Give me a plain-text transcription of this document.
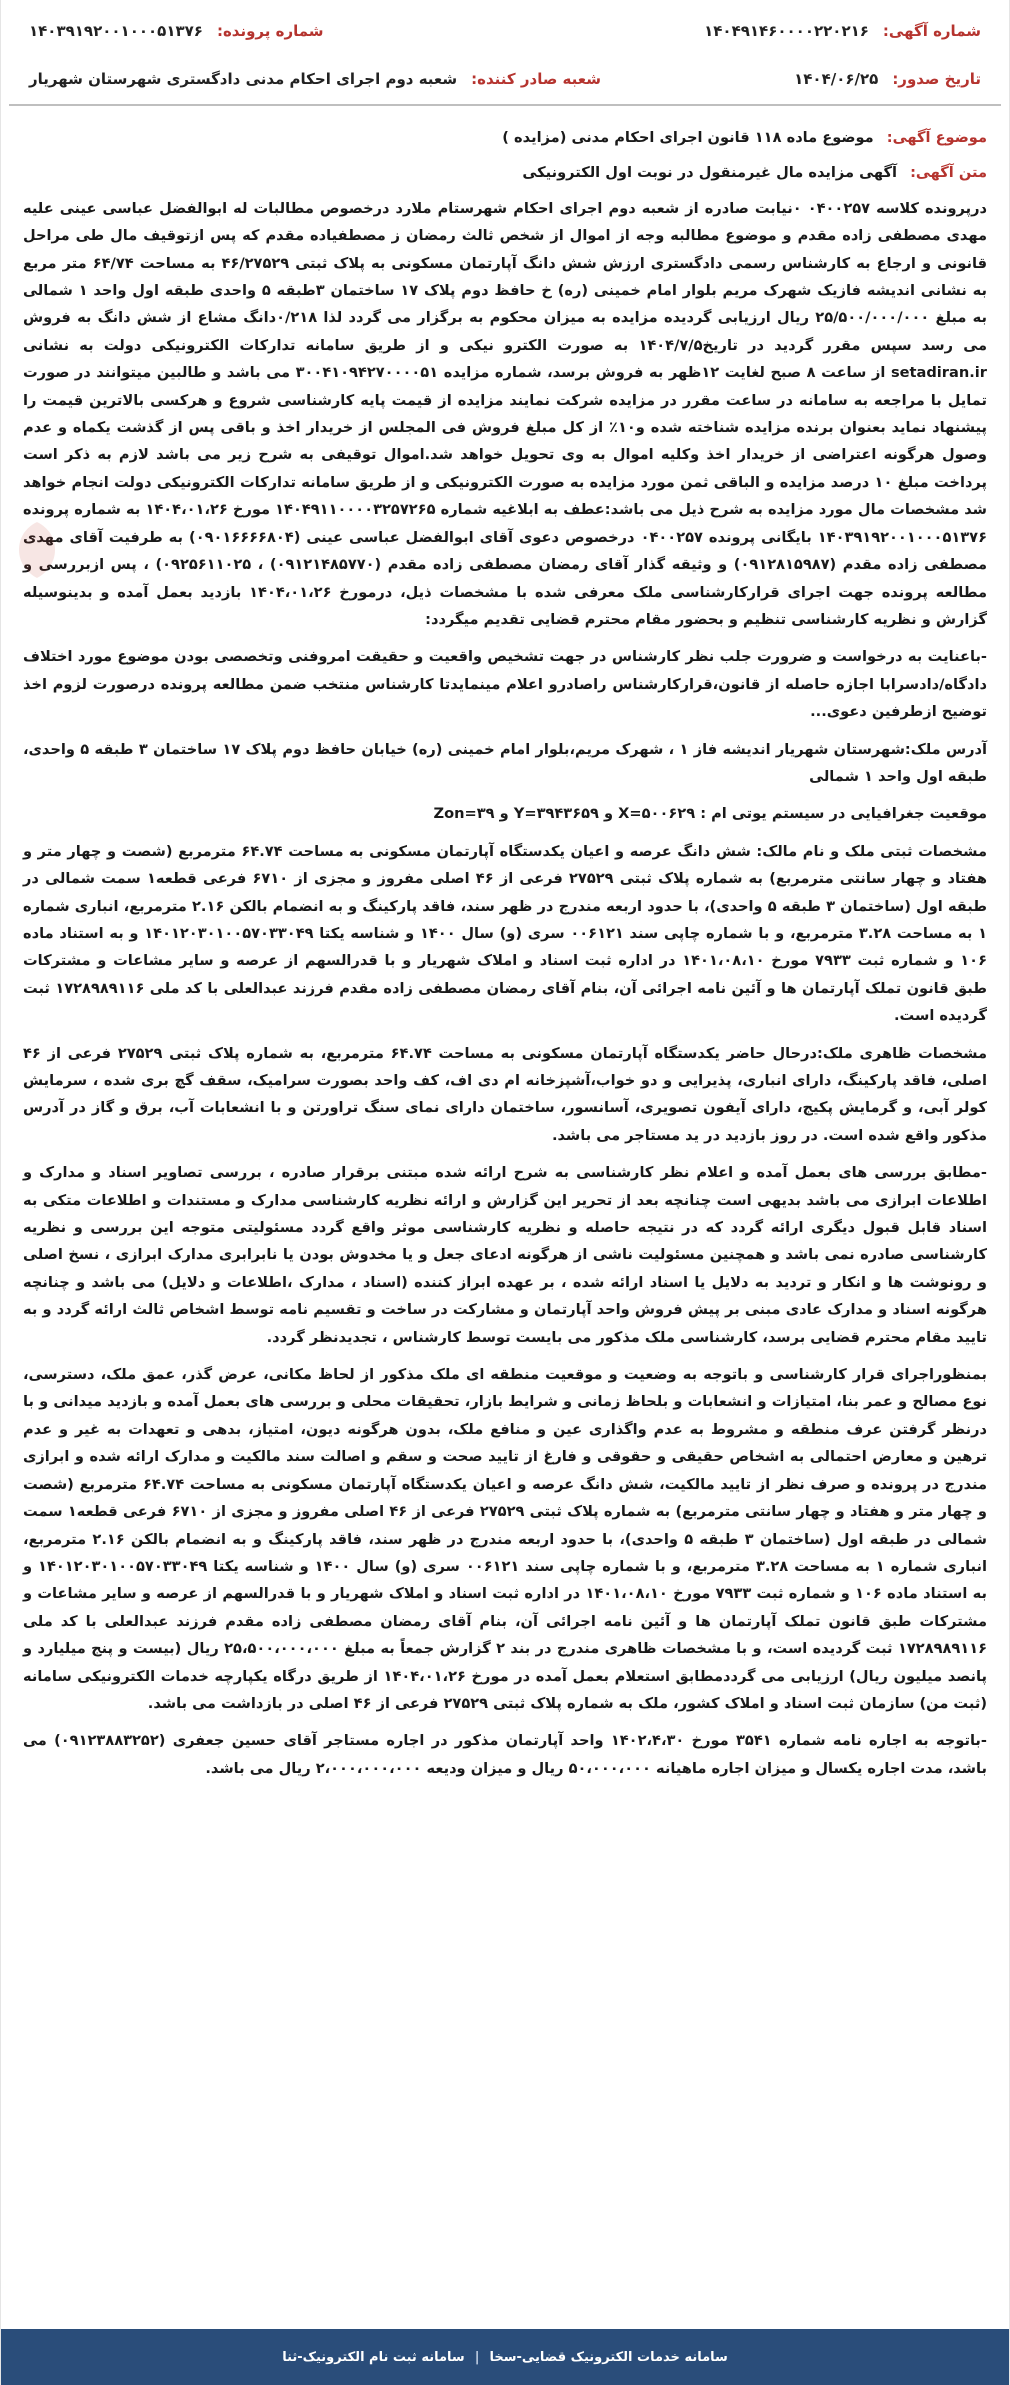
شماره آگهی:
۱۴۰۴۹۱۴۶۰۰۰۰۲۲۰۲۱۶
شماره پرونده:
۱۴۰۳۹۱۹۲۰۰۱۰۰۰۵۱۳۷۶
تاریخ صدور:
۱۴۰۴/۰۶/۲۵
شعبه صادر کننده:
شعبه دوم اجرای احکام مدنی دادگستری شهرستان شهریار
موضوع آگهی: موضوع ماده ۱۱۸ قانون اجرای احکام مدنی (مزایده )
متن آگهی: آگهی مزایده مال غیرمنقول در نوبت اول الکترونیکی

درپرونده کلاسه ۰۴۰۰۲۵۷ ۰نیابت صادره از شعبه دوم اجرای احکام شهرستام ملارد درخصوص مطالبات له ابوالفضل عباسی عینی علیه مهدی مصطفی زاده مقدم و موضوع مطالبه وجه از اموال از شخص ثالث رمضان ز مصطفیاده مقدم که پس ازتوقیف مال طی مراحل قانونی و ارجاع به کارشناس رسمی دادگستری ارزش شش دانگ آپارتمان مسکونی به پلاک ثبتی ۴۶/۲۷۵۲۹ به مساحت ۶۴/۷۴ متر مربع به نشانی اندیشه فازیک شهرک مریم بلوار امام خمینی (ره) خ حافظ دوم پلاک ۱۷ ساختمان ۳طبقه ۵ واحدی طبقه اول واحد ۱ شمالی به مبلغ ۲۵/۵۰۰/۰۰۰/۰۰۰ ریال ارزیابی گردیده مزایده به میزان محکوم به برگزار می گردد لذا ۰/۲۱۸دانگ مشاع از شش دانگ به فروش می رسد سپس مقرر گردید در تاریخ۱۴۰۴/۷/۵ به صورت الکترو نیکی و از طریق سامانه تدارکات الکترونیکی دولت به نشانی setadiran.ir از ساعت ۸ صبح لغایت ۱۲ظهر به فروش برسد، شماره مزایده ۳۰۰۴۱۰۹۴۲۷۰۰۰۰۵۱ می باشد و طالبین میتوانند در صورت تمایل با مراجعه به سامانه در ساعت مقرر در مزایده شرکت نمایند مزایده از قیمت پایه کارشناسی شروع و هرکسی بالاترین قیمت را پیشنهاد نماید بعنوان برنده مزایده شناخته شده و۱۰٪ از کل مبلغ فروش فی المجلس از خریدار اخذ و باقی پس از گذشت یکماه و عدم وصول هرگونه اعتراضی از خریدار اخذ وکلیه اموال به وی تحویل خواهد شد.اموال توقیفی به شرح زیر می باشد لازم به ذکر است پرداخت مبلغ ۱۰ درصد مزایده و الباقی ثمن مورد مزایده به صورت الکترونیکی و از طریق سامانه تدارکات الکترونیکی دولت انجام خواهد شد مشخصات مال مورد مزایده به شرح ذیل می باشد:عطف به ابلاغیه شماره ۱۴۰۴۹۱۱۰۰۰۰۳۲۵۷۲۶۵ مورخ ۱۴۰۴،۰۱،۲۶ به شماره پرونده ۱۴۰۳۹۱۹۲۰۰۱۰۰۰۵۱۳۷۶ بایگانی پرونده ۰۴۰۰۲۵۷ درخصوص دعوی آقای ابوالفضل عباسی عینی (۰۹۰۱۶۶۶۶۸۰۴) به طرفیت آقای مهدی مصطفی زاده مقدم (۰۹۱۲۸۱۵۹۸۷) و وثیقه گذار آقای رمضان مصطفی زاده مقدم (۰۹۱۲۱۴۸۵۷۷۰) ، ۰۹۲۵۶۱۱۰۲۵) ، پس ازبررسی و مطالعه پرونده جهت اجرای قرارکارشناسی ملک معرفی شده با مشخصات ذیل، درمورخ ۱۴۰۴،۰۱،۲۶ بازدید بعمل آمده و بدینوسیله گزارش و نظریه کارشناسی تنظیم و بحضور مقام محترم قضایی تقدیم میگردد:

-باعنایت به درخواست و ضرورت جلب نظر کارشناس در جهت تشخیص واقعیت و حقیقت امروفنی وتخصصی بودن موضوع مورد اختلاف دادگاه/دادسرابا اجازه حاصله از قانون،قرارکارشناس راصادرو اعلام مینمایدتا کارشناس منتخب ضمن مطالعه پرونده درصورت لزوم اخذ توضیح ازطرفین دعوی...

آدرس ملک:شهرستان شهریار اندیشه فاز ۱ ، شهرک مریم،بلوار امام خمینی (ره) خیابان حافظ دوم پلاک ۱۷ ساختمان ۳ طبقه ۵ واحدی، طبقه اول واحد ۱ شمالی

موقعیت جغرافیایی در سیستم یوتی ام : X=۵۰۰۶۲۹ و Y=۳۹۴۳۶۵۹ و Zon=۳۹

مشخصات ثبتی ملک و نام مالک: شش دانگ عرصه و اعیان یکدستگاه آپارتمان مسکونی به مساحت ۶۴.۷۴ مترمربع (شصت و چهار متر و هفتاد و چهار سانتی مترمربع) به شماره پلاک ثبتی ۲۷۵۲۹ فرعی از ۴۶ اصلی مفروز و مجزی از ۶۷۱۰ فرعی قطعه۱ سمت شمالی در طبقه اول (ساختمان ۳ طبقه ۵ واحدی)، با حدود اربعه مندرج در ظهر سند، فاقد پارکینگ و به انضمام بالکن ۲.۱۶ مترمربع، انباری شماره ۱ به مساحت ۳.۲۸ مترمربع، و با شماره چاپی سند ۰۰۶۱۲۱ سری (و) سال ۱۴۰۰ و شناسه یکتا ۱۴۰۱۲۰۳۰۱۰۰۵۷۰۳۳۰۴۹ و به استناد ماده ۱۰۶ و شماره ثبت ۷۹۳۳ مورخ ۱۴۰۱،۰۸،۱۰ در اداره ثبت اسناد و املاک شهریار و با قدرالسهم از عرصه و سایر مشاعات و مشترکات طبق قانون تملک آپارتمان ها و آئین نامه اجرائی آن، بنام آقای رمضان مصطفی زاده مقدم فرزند عبدالعلی با کد ملی ۱۷۲۸۹۸۹۱۱۶ ثبت گردیده است.

مشخصات ظاهری ملک:درحال حاضر یکدستگاه آپارتمان مسکونی به مساحت ۶۴.۷۴ مترمربع، به شماره پلاک ثبتی ۲۷۵۲۹ فرعی از ۴۶ اصلی، فاقد پارکینگ، دارای انباری، پذیرایی و دو خواب،آشپزخانه ام دی اف، کف واحد بصورت سرامیک، سقف گچ بری شده ، سرمایش کولر آبی، و گرمایش پکیج، دارای آیفون تصویری، آسانسور، ساختمان دارای نمای سنگ تراورتن و با انشعابات آب، برق و گاز در آدرس مذکور واقع شده است. در روز بازدید در ید مستاجر می باشد.

-مطابق بررسی های بعمل آمده و اعلام نظر کارشناسی به شرح ارائه شده مبتنی برقرار صادره ، بررسی تصاویر اسناد و مدارک و اطلاعات ابرازی می باشد بدیهی است چنانچه بعد از تحریر این گزارش و ارائه نظریه کارشناسی مدارک و مستندات و اطلاعات متکی به اسناد قابل قبول دیگری ارائه گردد که در نتیجه حاصله و نظریه کارشناسی موثر واقع گردد مسئولیتی متوجه این بررسی و نظریه کارشناسی صادره نمی باشد و همچنین مسئولیت ناشی از هرگونه ادعای جعل و یا مخدوش بودن یا نابرابری مدارک ابرازی ، نسخ اصلی و رونوشت ها و انکار و تردید به دلایل یا اسناد ارائه شده ، بر عهده ابراز کننده (اسناد ، مدارک ،اطلاعات و دلایل) می باشد و چنانچه هرگونه اسناد و مدارک عادی مبنی بر پیش فروش واحد آپارتمان و مشارکت در ساخت و تقسیم نامه توسط اشخاص ثالث ارائه گردد و به تایید مقام محترم قضایی برسد، کارشناسی ملک مذکور می بایست توسط کارشناس ، تجدیدنظر گردد.

بمنظوراجرای قرار کارشناسی و باتوجه به وضعیت و موقعیت منطقه ای ملک مذکور از لحاظ مکانی، عرض گذر، عمق ملک، دسترسی، نوع مصالح و عمر بنا، امتیازات و انشعابات و بلحاظ زمانی و شرایط بازار، تحقیقات محلی و بررسی های بعمل آمده و بازدید میدانی و با درنظر گرفتن عرف منطقه و مشروط به عدم واگذاری عین و منافع ملک، بدون هرگونه دیون، امتیاز، بدهی و تعهدات به غیر و عدم ترهین و معارض احتمالی به اشخاص حقیقی و حقوقی و فارغ از تایید صحت و سقم و اصالت سند مالکیت و مدارک ارائه شده و ابرازی مندرج در پرونده و صرف نظر از تایید مالکیت، شش دانگ عرصه و اعیان یکدستگاه آپارتمان مسکونی به مساحت ۶۴.۷۴ مترمربع (شصت و چهار متر و هفتاد و چهار سانتی مترمربع) به شماره پلاک ثبتی ۲۷۵۲۹ فرعی از ۴۶ اصلی مفروز و مجزی از ۶۷۱۰ فرعی قطعه۱ سمت شمالی در طبقه اول (ساختمان ۳ طبقه ۵ واحدی)، با حدود اربعه مندرج در ظهر سند، فاقد پارکینگ و به انضمام بالکن ۲.۱۶ مترمربع، انباری شماره ۱ به مساحت ۳.۲۸ مترمربع، و با شماره چاپی سند ۰۰۶۱۲۱ سری (و) سال ۱۴۰۰ و شناسه یکتا ۱۴۰۱۲۰۳۰۱۰۰۵۷۰۳۳۰۴۹ و به استناد ماده ۱۰۶ و شماره ثبت ۷۹۳۳ مورخ ۱۴۰۱،۰۸،۱۰ در اداره ثبت اسناد و املاک شهریار و با قدرالسهم از عرصه و سایر مشاعات و مشترکات طبق قانون تملک آپارتمان ها و آئین نامه اجرائی آن، بنام آقای رمضان مصطفی زاده مقدم فرزند عبدالعلی با کد ملی ۱۷۲۸۹۸۹۱۱۶ ثبت گردیده است، و با مشخصات ظاهری مندرج در بند ۲ گزارش جمعاً به مبلغ ۲۵،۵۰۰،۰۰۰،۰۰۰ ریال (بیست و پنج میلیارد و پانصد میلیون ریال) ارزیابی می گرددمطابق استعلام بعمل آمده در مورخ ۱۴۰۴،۰۱،۲۶ از طریق درگاه یکپارچه خدمات الکترونیکی سامانه (ثبت من) سازمان ثبت اسناد و املاک کشور، ملک به شماره پلاک ثبتی ۲۷۵۲۹ فرعی از ۴۶ اصلی در بازداشت می باشد.

-باتوجه به اجاره نامه شماره ۳۵۴۱ مورخ ۱۴۰۲،۴،۳۰ واحد آپارتمان مذکور در اجاره مستاجر آقای حسین جعفری (۰۹۱۲۳۸۸۳۲۵۲) می باشد، مدت اجاره یکسال و میزان اجاره ماهیانه ۵۰،۰۰۰،۰۰۰ ریال و میزان ودیعه ۲،۰۰۰،۰۰۰،۰۰۰ ریال می باشد.

سامانه خدمات الکترونیک قضایی-سخا
|
سامانه ثبت نام الکترونیک-ثنا
